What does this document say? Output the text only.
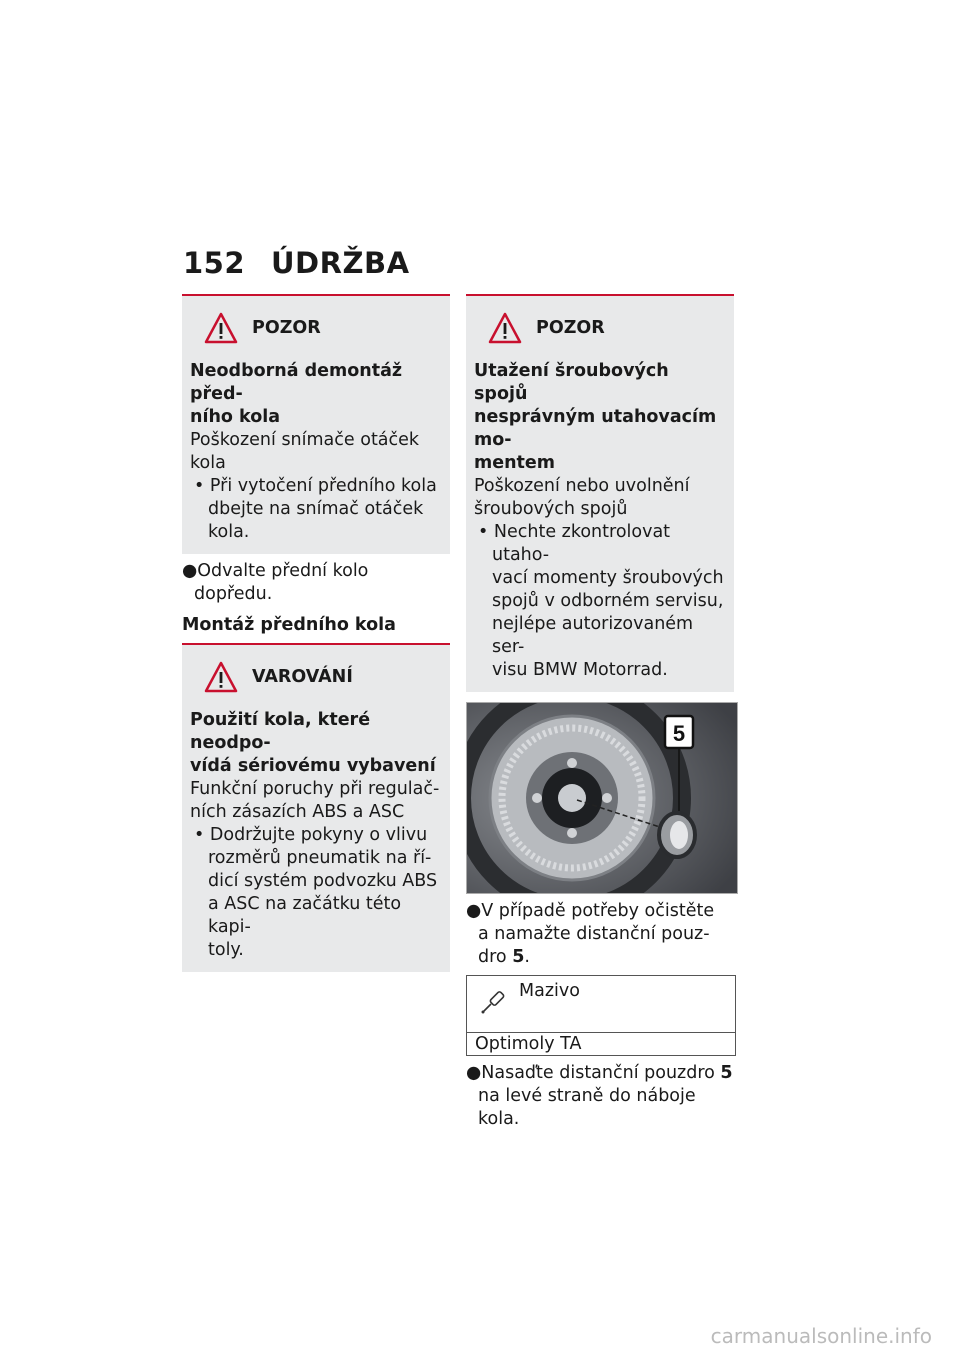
152 ÚDRŽBA
POZOR
Neodborná demontáž před-
ního kola
Poškození snímače otáček
kola
• Při vytočení předního kola
dbejte na snímač otáček
kola.
●Odvalte přední kolo dopředu.
Montáž předního kola
VAROVÁNÍ
Použití kola, které neodpo-
vídá sériovému vybavení
Funkční poruchy při regulač-
ních zásazích ABS a ASC
• Dodržujte pokyny o vlivu
rozměrů pneumatik na ří-
dicí systém podvozku ABS
a ASC na začátku této kapi-
toly.
POZOR
Utažení šroubových spojů
nesprávným utahovacím mo-
mentem
Poškození nebo uvolnění
šroubových spojů
• Nechte zkontrolovat utaho-
vací momenty šroubových
spojů v odborném servisu,
nejlépe autorizovaném ser-
visu BMW Motorrad.
5
●V případě potřeby očistěte
a namažte distanční pouz-
dro 5.
Mazivo
Optimoly TA
●Nasaďte distanční pouzdro 5
na levé straně do náboje kola.
carmanualsonline.info
